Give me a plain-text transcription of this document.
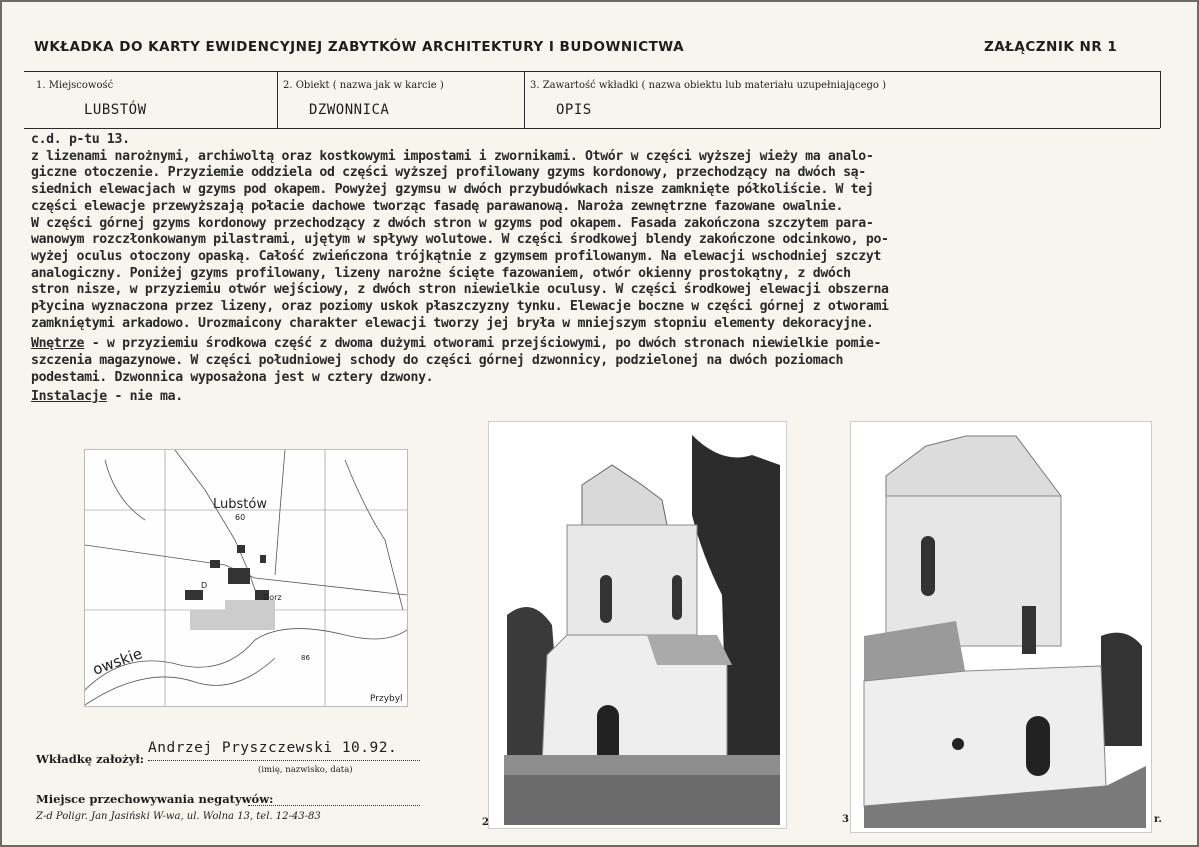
WKŁADKA DO KARTY EWIDENCYJNEJ ZABYTKÓW ARCHITEKTURY I BUDOWNICTWA	ZAŁĄCZNIK NR 1
1. Miejscowość
LUBSTÓW
2. Obiekt ( nazwa jak w karcie )
DZWONNICA
3. Zawartość wkładki ( nazwa obiektu lub materiału uzupełniającego )
OPIS
c.d. p-tu 13.
z lizenami narożnymi, archiwoltą oraz kostkowymi impostami i zwornikami. Otwór w części wyższej wieży ma analo-
giczne otoczenie. Przyziemie oddziela od części wyższej profilowany gzyms kordonowy, przechodzący na dwóch są-
siednich elewacjach w gzyms pod okapem. Powyżej gzymsu w dwóch przybudówkach nisze zamknięte półkoliście. W tej
części elewacje przewyższają połacie dachowe tworząc fasadę parawanową. Naroża zewnętrzne fazowane owalnie.
W części górnej gzyms kordonowy przechodzący z dwóch stron w gzyms pod okapem. Fasada zakończona szczytem para-
wanowym rozczłonkowanym pilastrami, ujętym w spływy wolutowe. W części środkowej blendy zakończone odcinkowo, po-
wyżej oculus otoczony opaską. Całość zwieńczona trójkątnie z gzymsem profilowanym. Na elewacji wschodniej szczyt
analogiczny. Poniżej gzyms profilowany, lizeny narożne ścięte fazowaniem, otwór okienny prostokątny, z dwóch
stron nisze, w przyziemiu otwór wejściowy, z dwóch stron niewielkie oculusy. W części środkowej elewacji obszerna
płycina wyznaczona przez lizeny, oraz poziomy uskok płaszczyzny tynku. Elewacje boczne w części górnej z otworami
zamkniętymi arkadowo. Urozmaicony charakter elewacji tworzy jej bryła w mniejszym stopniu elementy dekoracyjne.
Wnętrze - w przyziemiu środkowa część z dwoma dużymi otworami przejściowymi, po dwóch stronach niewielkie pomie-
szczenia magazynowe. W części południowej schody do części górnej dzwonnicy, podzielonej na dwóch poziomach
podestami. Dzwonnica wyposażona jest w cztery dzwony.
Instalacje - nie ma.
Lubstów
60
Gorz
owskie	86
Przybyl
D
2	3	r.
Wkładkę założył:
Andrzej Pryszczewski 10.92.
(imię, nazwisko, data)
Miejsce przechowywania negatywów:
Z-d Poligr. Jan Jasiński W-wa, ul. Wolna 13, tel. 12-43-83
